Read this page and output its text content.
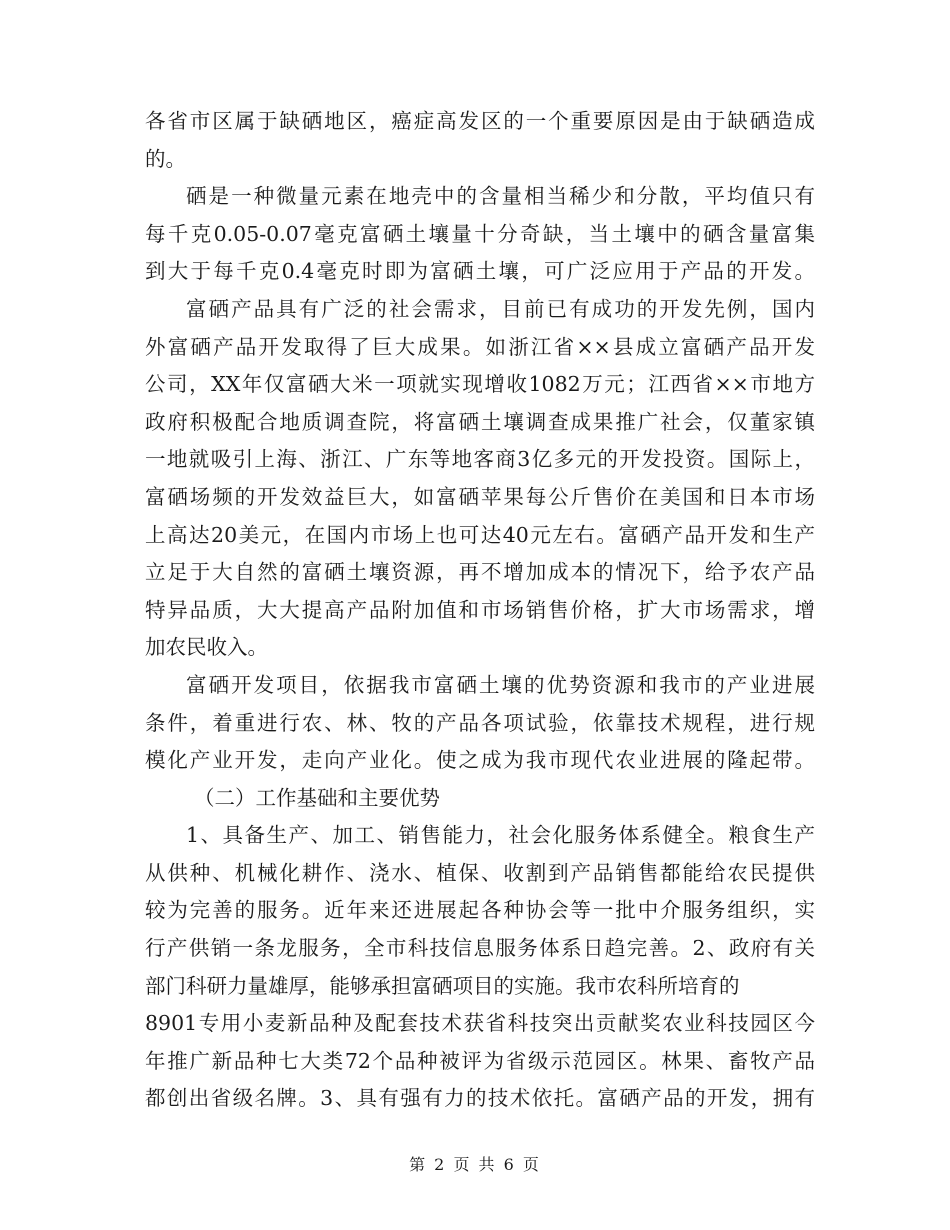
各省市区属于缺硒地区，癌症高发区的一个重要原因是由于缺硒造成
的。
硒是一种微量元素在地壳中的含量相当稀少和分散，平均值只有
每千克0.05-0.07毫克富硒土壤量十分奇缺，当土壤中的硒含量富集
到大于每千克0.4毫克时即为富硒土壤，可广泛应用于产品的开发。
富硒产品具有广泛的社会需求，目前已有成功的开发先例，国内
外富硒产品开发取得了巨大成果。如浙江省××县成立富硒产品开发
公司，XX年仅富硒大米一项就实现增收1082万元；江西省××市地方
政府积极配合地质调查院，将富硒土壤调查成果推广社会，仅董家镇
一地就吸引上海、浙江、广东等地客商3亿多元的开发投资。国际上，
富硒场频的开发效益巨大，如富硒苹果每公斤售价在美国和日本市场
上高达20美元，在国内市场上也可达40元左右。富硒产品开发和生产
立足于大自然的富硒土壤资源，再不增加成本的情况下，给予农产品
特异品质，大大提高产品附加值和市场销售价格，扩大市场需求，增
加农民收入。
富硒开发项目，依据我市富硒土壤的优势资源和我市的产业进展
条件，着重进行农、林、牧的产品各项试验，依靠技术规程，进行规
模化产业开发，走向产业化。使之成为我市现代农业进展的隆起带。
（二）工作基础和主要优势
1、具备生产、加工、销售能力，社会化服务体系健全。粮食生产
从供种、机械化耕作、浇水、植保、收割到产品销售都能给农民提供
较为完善的服务。近年来还进展起各种协会等一批中介服务组织，实
行产供销一条龙服务，全市科技信息服务体系日趋完善。2、政府有关
部门科研力量雄厚，能够承担富硒项目的实施。我市农科所培育的
8901专用小麦新品种及配套技术获省科技突出贡献奖农业科技园区今
年推广新品种七大类72个品种被评为省级示范园区。林果、畜牧产品
都创出省级名牌。3、具有强有力的技术依托。富硒产品的开发，拥有
第 2 页 共 6 页
